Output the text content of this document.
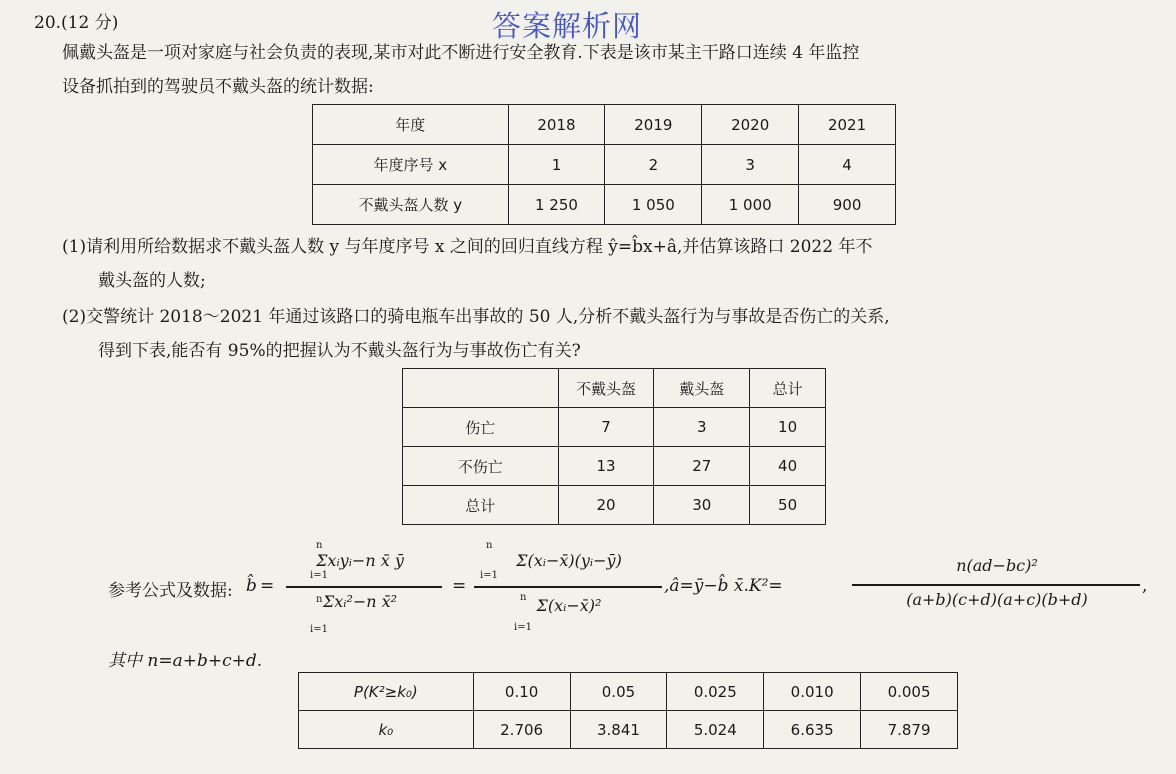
答案解析网
20.(12 分)
佩戴头盔是一项对家庭与社会负责的表现,某市对此不断进行安全教育.下表是该市某主干路口连续 4 年监控
设备抓拍到的驾驶员不戴头盔的统计数据:
年度	2018	2019	2020	2021
年度序号 x	1	2	3	4
不戴头盔人数 y	1 250	1 050	1 000	900
(1)请利用所给数据求不戴头盔人数 y 与年度序号 x 之间的回归直线方程 ŷ=b̂x+â,并估算该路口 2022 年不
戴头盔的人数;
(2)交警统计 2018～2021 年通过该路口的骑电瓶车出事故的 50 人,分析不戴头盔行为与事故是否伤亡的关系,
得到下表,能否有 95%的把握认为不戴头盔行为与事故伤亡有关?
	不戴头盔	戴头盔	总计
伤亡	7	3	10
不伤亡	13	27	40
总计	20	30	50
参考公式及数据: b̂ =
n
i=1
Σxᵢyᵢ−n x̄ ȳ
Σxᵢ²−n x̄²
n
i=1
=
n
i=1
Σ(xᵢ−x̄)(yᵢ−ȳ)
Σ(xᵢ−x̄)²
n
i=1
,â=ȳ−b̂ x̄.K²=
n(ad−bc)²
(a+b)(c+d)(a+c)(b+d)
,
其中 n=a+b+c+d.
P(K²≥k₀)	0.10	0.05	0.025	0.010	0.005
k₀	2.706	3.841	5.024	6.635	7.879
